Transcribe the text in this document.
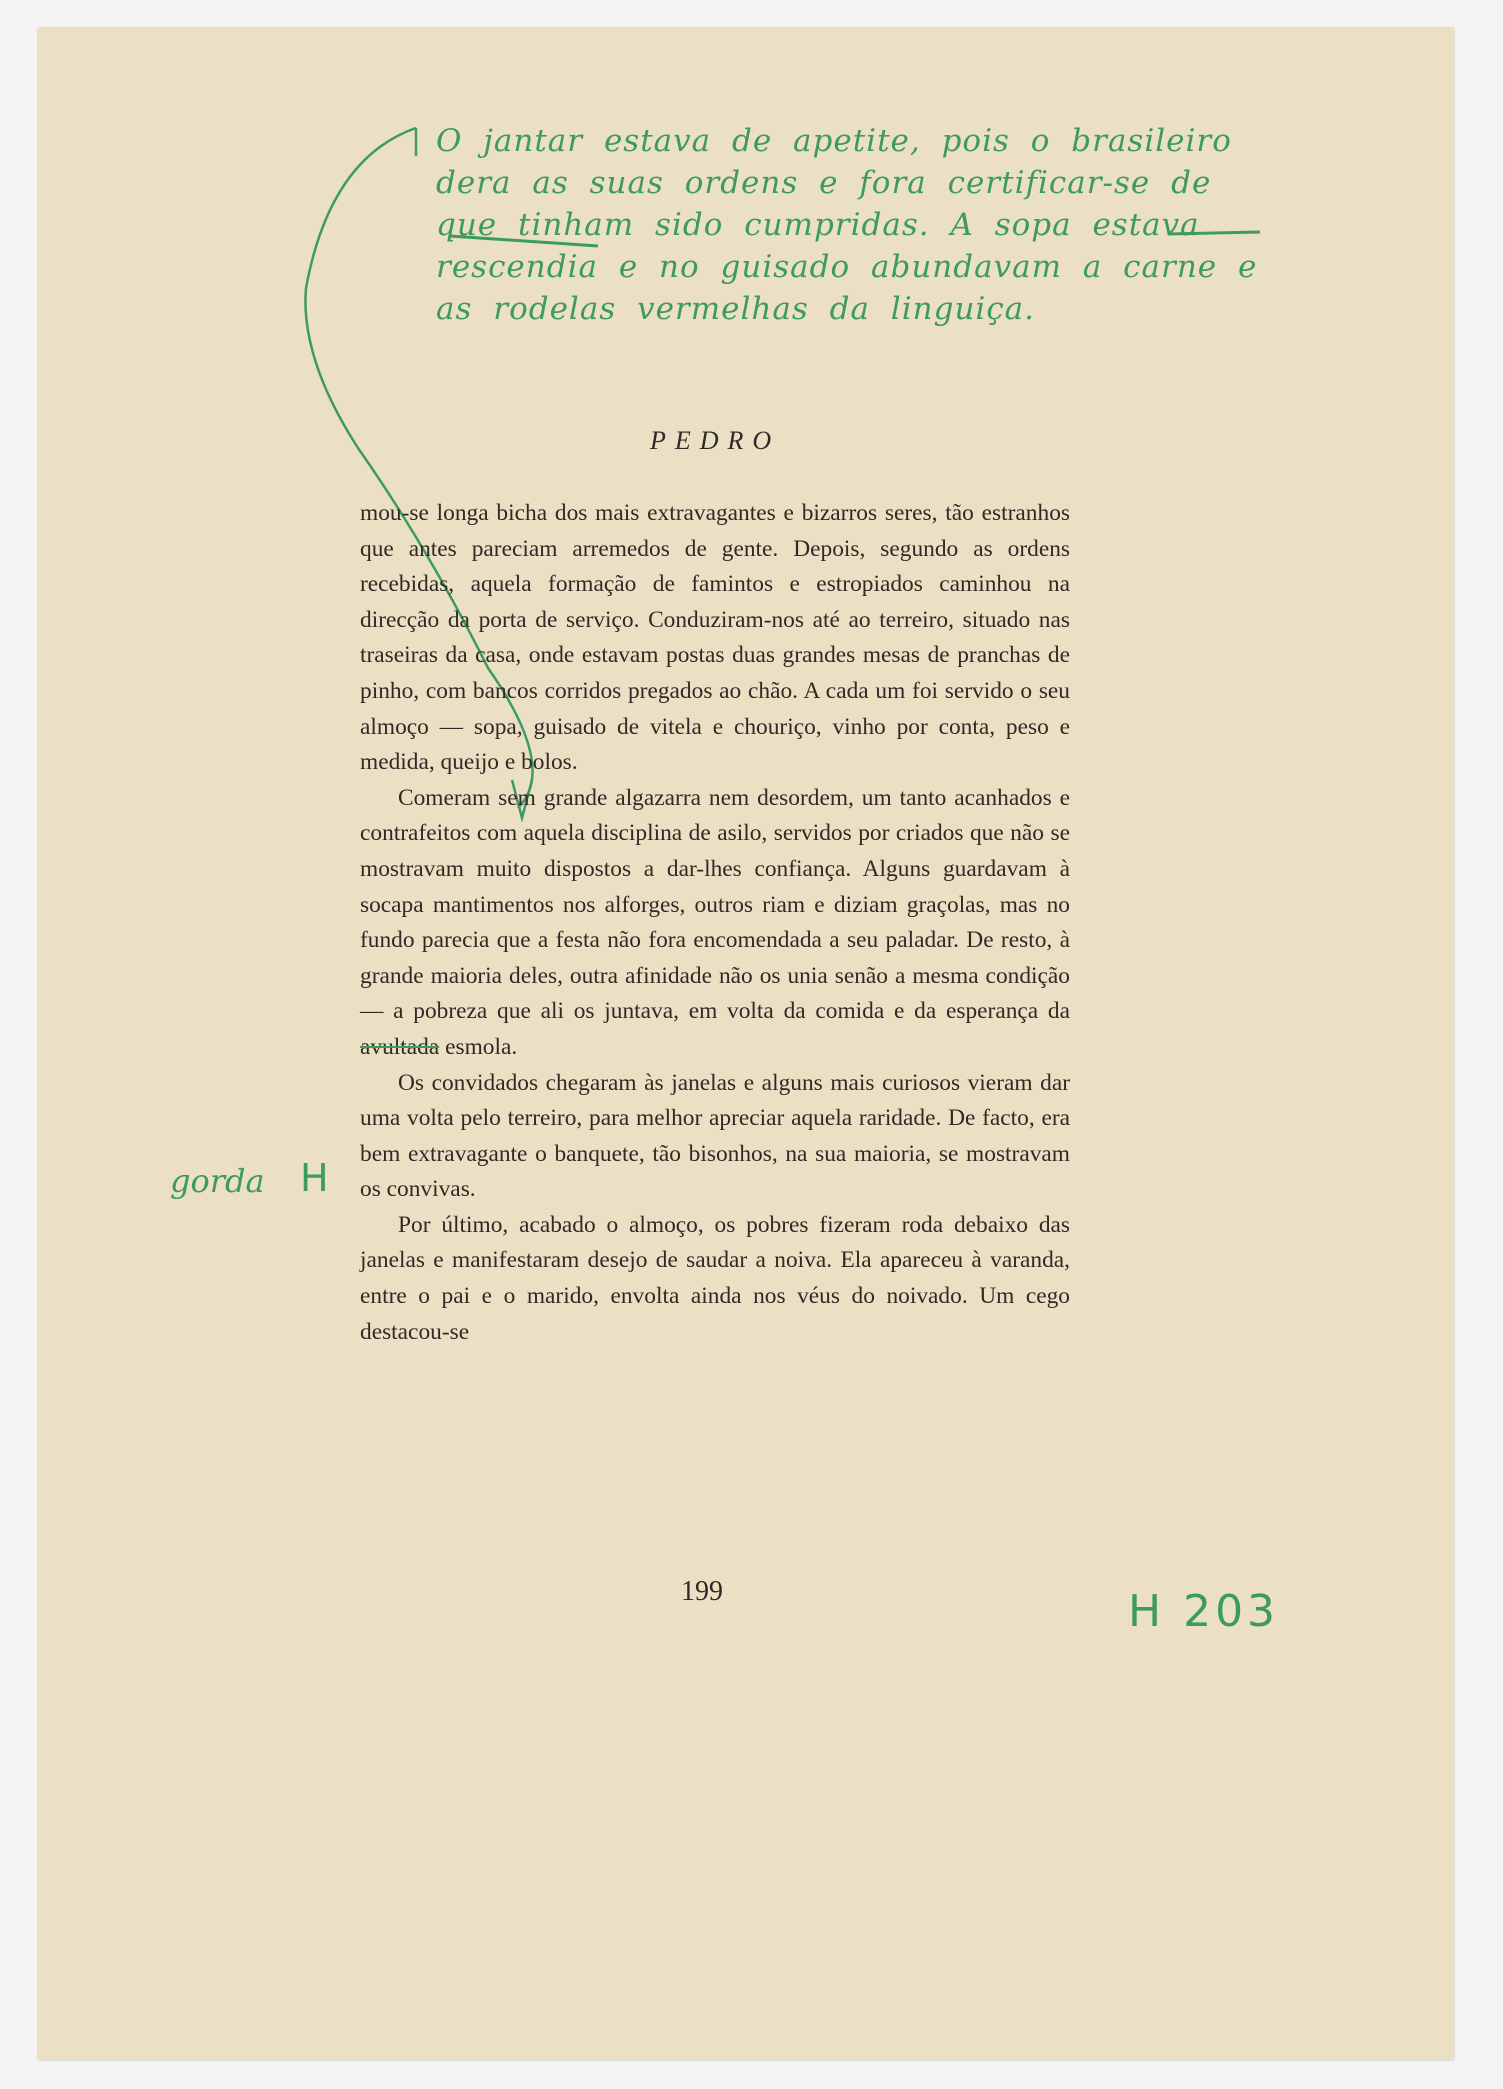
O jantar estava de apetite, pois o brasileiro
dera as suas ordens e fora certificar-se de
que tinham sido cumpridas. A sopa estava
rescendia e no guisado abundavam a carne e
as rodelas vermelhas da linguiça.
PEDRO

mou-se longa bicha dos mais extravagantes e bizarros seres, tão estranhos que antes pareciam arremedos de gente. Depois, segundo as ordens recebidas, aquela formação de famintos e estropiados caminhou na direcção da porta de serviço. Conduziram-nos até ao terreiro, situado nas traseiras da casa, onde estavam postas duas grandes mesas de pranchas de pinho, com bancos corridos pregados ao chão. A cada um foi servido o seu almoço — sopa, guisado de vitela e chouriço, vinho por conta, peso e medida, queijo e bolos.

Comeram sem grande algazarra nem desordem, um tanto acanhados e contrafeitos com aquela disciplina de asilo, servidos por criados que não se mostravam muito dispostos a dar-lhes confiança. Alguns guardavam à socapa mantimentos nos alforges, outros riam e diziam graçolas, mas no fundo parecia que a festa não fora encomendada a seu paladar. De resto, à grande maioria deles, outra afinidade não os unia senão a mesma condição — a pobreza que ali os juntava, em volta da comida e da esperança da avultada esmola.

Os convidados chegaram às janelas e alguns mais curiosos vieram dar uma volta pelo terreiro, para melhor apreciar aquela raridade. De facto, era bem extravagante o banquete, tão bisonhos, na sua maioria, se mostravam os convivas.

Por último, acabado o almoço, os pobres fizeram roda debaixo das janelas e manifestaram desejo de saudar a noiva. Ela apareceu à varanda, entre o pai e o marido, envolta ainda nos véus do noivado. Um cego destacou-se

gorda H
199	H 203
